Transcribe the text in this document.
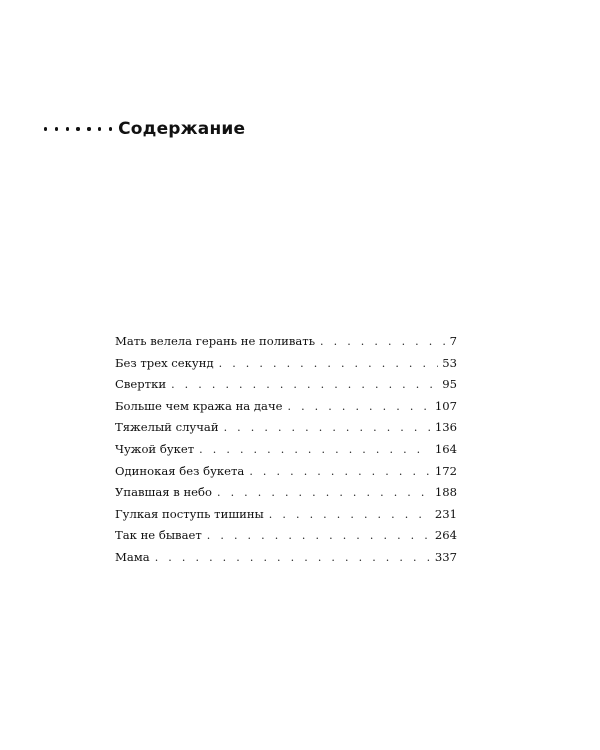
Содержание
Мать велела герань не поливать . . .	7
Без трех секунд . . .	53
Свертки . . .	95
Больше чем кража на даче . . .	107
Тяжелый случай . . .	136
Чужой букет . . .	164
Одинокая без букета . . .	172
Упавшая в небо . . .	188
Гулкая поступь тишины . . .	231
Так не бывает . . .	264
Мама . . .	337
